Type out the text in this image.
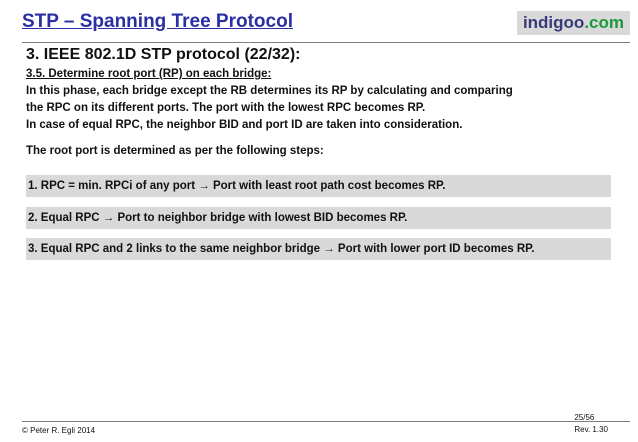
STP – Spanning Tree Protocol	indigoo.com
3. IEEE 802.1D STP protocol (22/32):
3.5. Determine root port (RP) on each bridge:
In this phase, each bridge except the RB determines its RP by calculating and comparing
the RPC on its different ports. The port with the lowest RPC becomes RP.
In case of equal RPC, the neighbor BID and port ID are taken into consideration.
The root port is determined as per the following steps:
1. RPC = min. RPCi of any port → Port with least root path cost becomes RP.
2. Equal RPC → Port to neighbor bridge with lowest BID becomes RP.
3. Equal RPC and 2 links to the same neighbor bridge → Port with lower port ID becomes RP.
© Peter R. Egli 2014
25/56
Rev. 1.30
